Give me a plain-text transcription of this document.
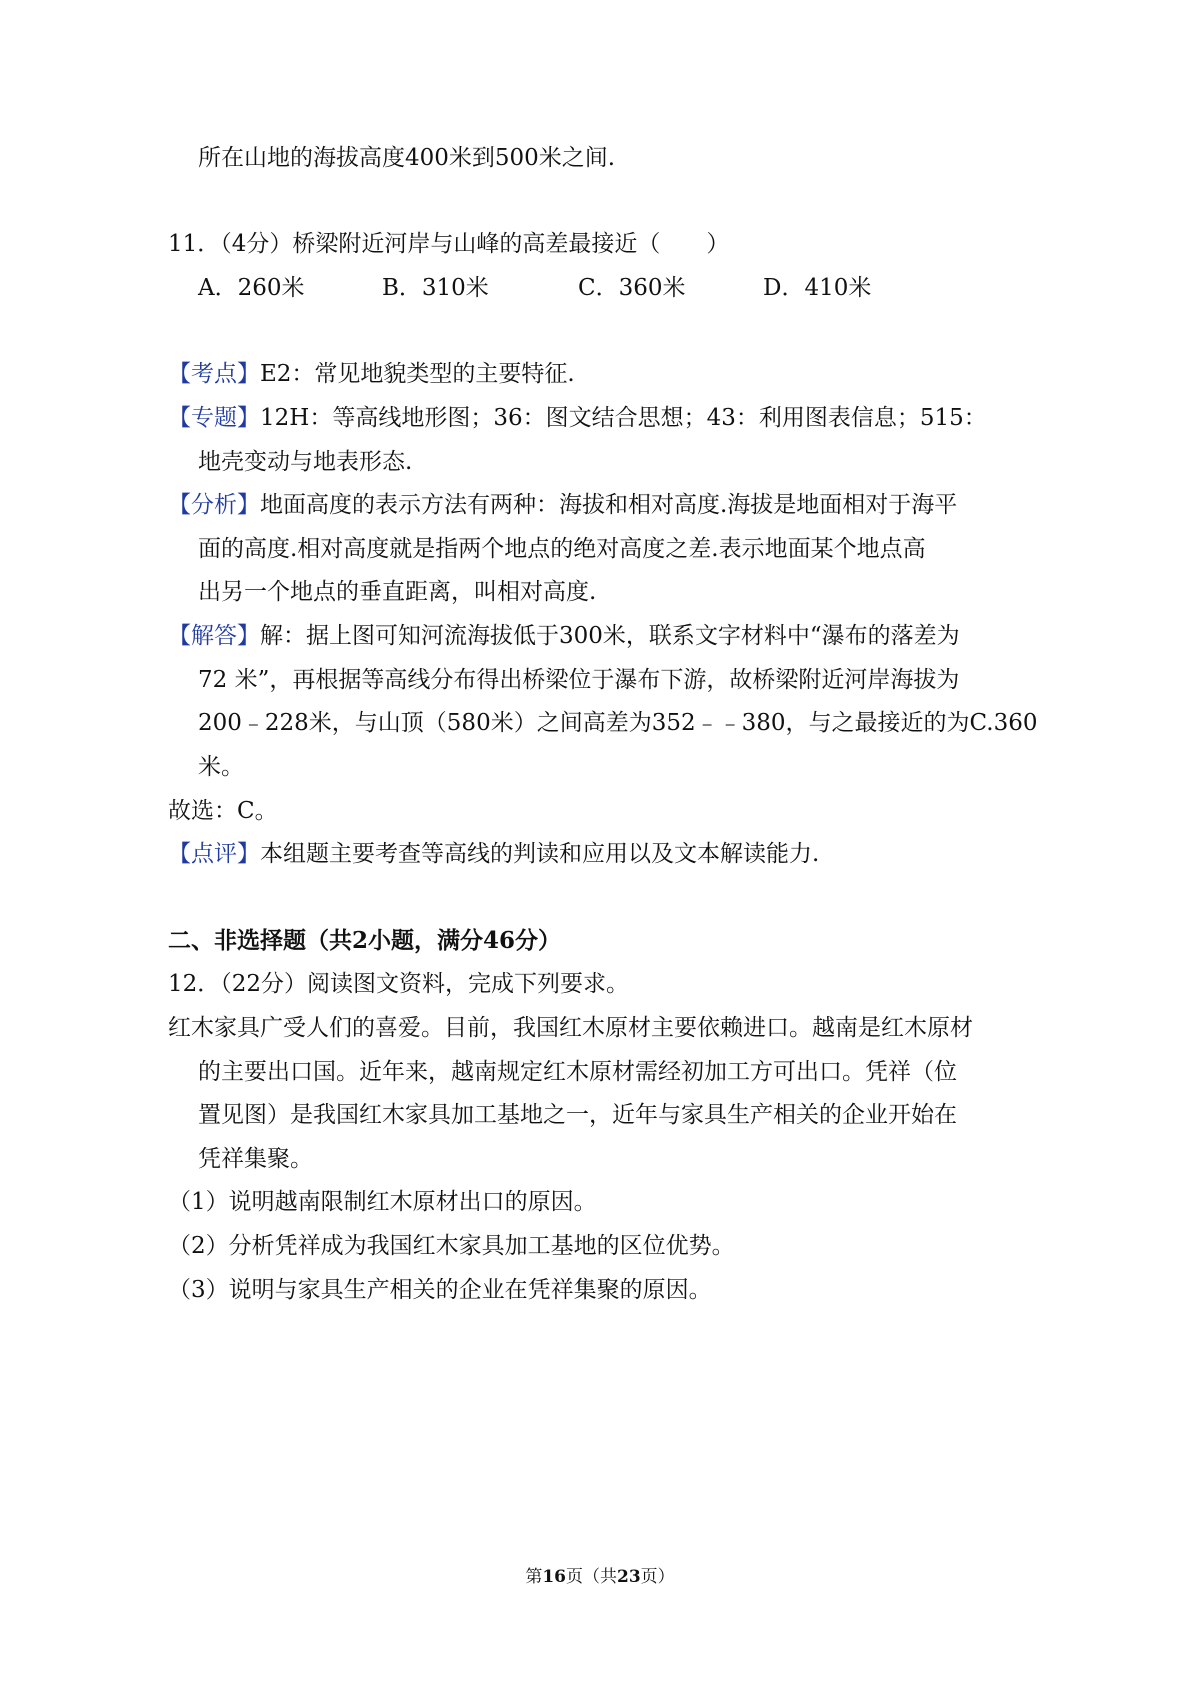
所在山地的海拔高度400米到500米之间.
11．（4分）桥梁附近河岸与山峰的高差最接近（　　）
A．260米	B．310米	C．360米	D．410米
【考点】E2：常见地貌类型的主要特征.
【专题】12H：等高线地形图；36：图文结合思想；43：利用图表信息；515：
地壳变动与地表形态.
【分析】地面高度的表示方法有两种：海拔和相对高度.海拔是地面相对于海平
面的高度.相对高度就是指两个地点的绝对高度之差.表示地面某个地点高
出另一个地点的垂直距离，叫相对高度.
【解答】解：据上图可知河流海拔低于300米，联系文字材料中“瀑布的落差为
72 米”，再根据等高线分布得出桥梁位于瀑布下游，故桥梁附近河岸海拔为
200﹣228米，与山顶（580米）之间高差为352﹣﹣380，与之最接近的为C.360
米。
故选：C。
【点评】本组题主要考查等高线的判读和应用以及文本解读能力.
二、非选择题（共2小题，满分46分）
12．（22分）阅读图文资料，完成下列要求。
红木家具广受人们的喜爱。目前，我国红木原材主要依赖进口。越南是红木原材
的主要出口国。近年来，越南规定红木原材需经初加工方可出口。凭祥（位
置见图）是我国红木家具加工基地之一，近年与家具生产相关的企业开始在
凭祥集聚。
（1）说明越南限制红木原材出口的原因。
（2）分析凭祥成为我国红木家具加工基地的区位优势。
（3）说明与家具生产相关的企业在凭祥集聚的原因。
第16页（共23页）
